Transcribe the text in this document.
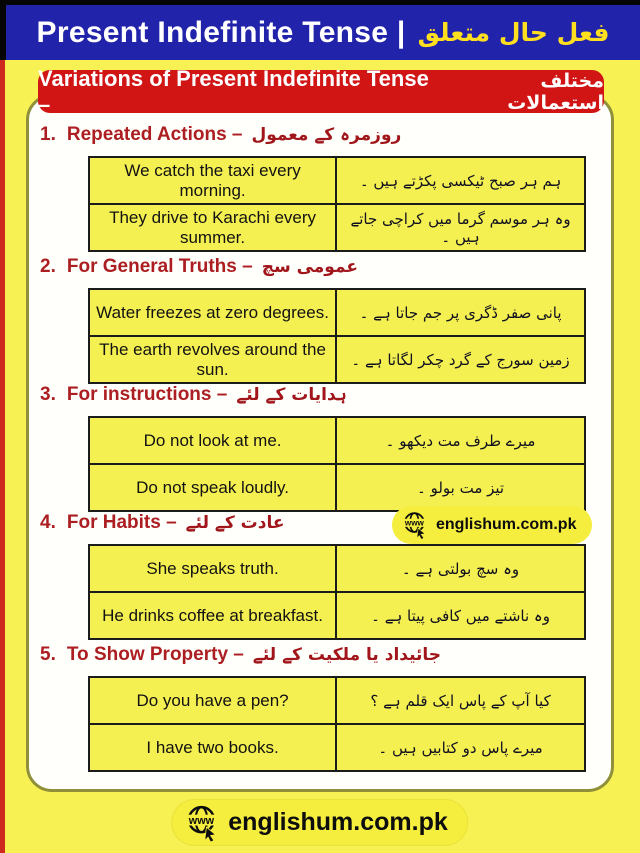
Present Indefinite Tense | فعل حال متعلق
Variations of Present Indefinite Tense –
مختلف استعمالات
1. Repeated Actions – روزمرہ کے معمول
We catch the taxi every morning.	ہم ہر صبح ٹیکسی پکڑتے ہیں ۔
They drive to Karachi every summer.	وہ ہر موسم گرما میں کراچی جاتے ہیں ۔
2. For General Truths – عمومی سچ
Water freezes at zero degrees.	پانی صفر ڈگری پر جم جاتا ہے ۔
The earth revolves around the sun.	زمین سورج کے گرد چکر لگاتا ہے ۔
3. For instructions – ہدایات کے لئے
Do not look at me.	میرے طرف مت دیکھو ۔
Do not speak loudly.	تیز مت بولو ۔
4. For Habits – عادت کے لئے	www englishum.com.pk
She speaks truth.	وہ سچ بولتی ہے ۔
He drinks coffee at breakfast.	وہ ناشتے میں کافی پیتا ہے ۔
5. To Show Property – جائیداد یا ملکیت کے لئے
Do you have a pen?	کیا آپ کے پاس ایک قلم ہے ؟
I have two books.	میرے پاس دو کتابیں ہیں ۔
www englishum.com.pk
